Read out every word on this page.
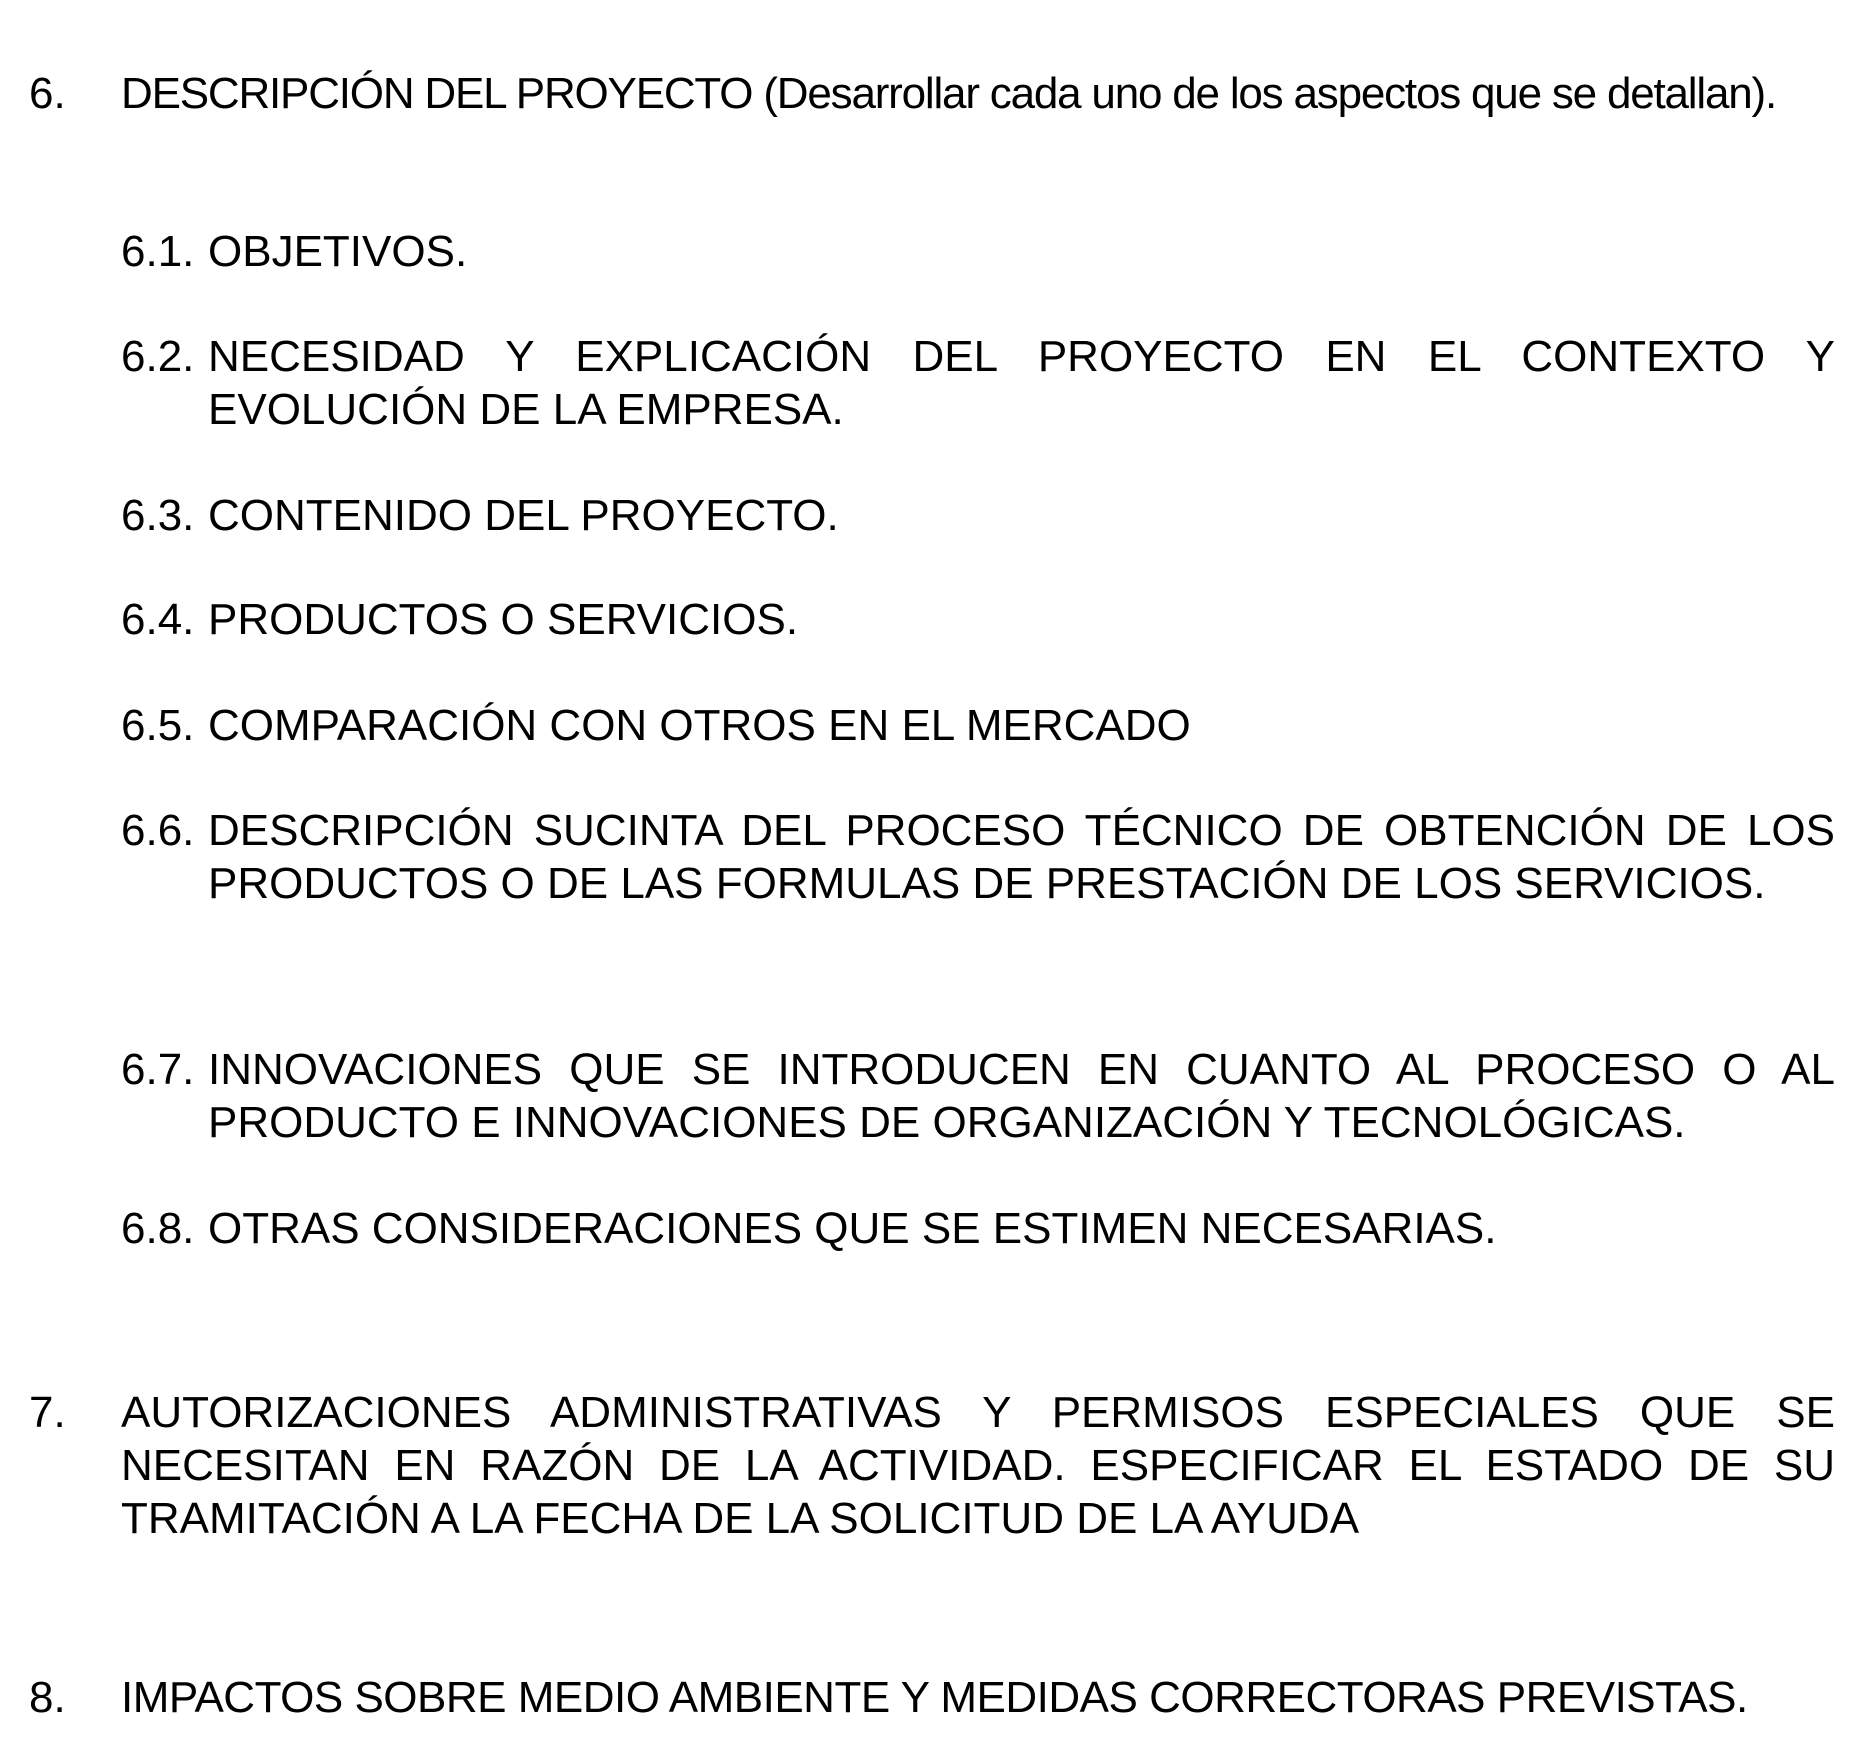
6. DESCRIPCIÓN DEL PROYECTO (Desarrollar cada uno de los aspectos que se detallan).
6.1. OBJETIVOS.
6.2. NECESIDAD Y EXPLICACIÓN DEL PROYECTO EN EL CONTEXTO Y EVOLUCIÓN DE LA EMPRESA.
6.3. CONTENIDO DEL PROYECTO.
6.4. PRODUCTOS O SERVICIOS.
6.5. COMPARACIÓN CON OTROS EN EL MERCADO
6.6. DESCRIPCIÓN SUCINTA DEL PROCESO TÉCNICO DE OBTENCIÓN DE LOS PRODUCTOS O DE LAS FORMULAS DE PRESTACIÓN DE LOS SERVICIOS.
6.7. INNOVACIONES QUE SE INTRODUCEN EN CUANTO AL PROCESO O AL PRODUCTO E INNOVACIONES DE ORGANIZACIÓN Y TECNOLÓGICAS.
6.8. OTRAS CONSIDERACIONES QUE SE ESTIMEN NECESARIAS.
7. AUTORIZACIONES ADMINISTRATIVAS Y PERMISOS ESPECIALES QUE SE NECESITAN EN RAZÓN DE LA ACTIVIDAD. ESPECIFICAR EL ESTADO DE SU TRAMITACIÓN A LA FECHA DE LA SOLICITUD DE LA AYUDA
8. IMPACTOS SOBRE MEDIO AMBIENTE Y MEDIDAS CORRECTORAS PREVISTAS.
